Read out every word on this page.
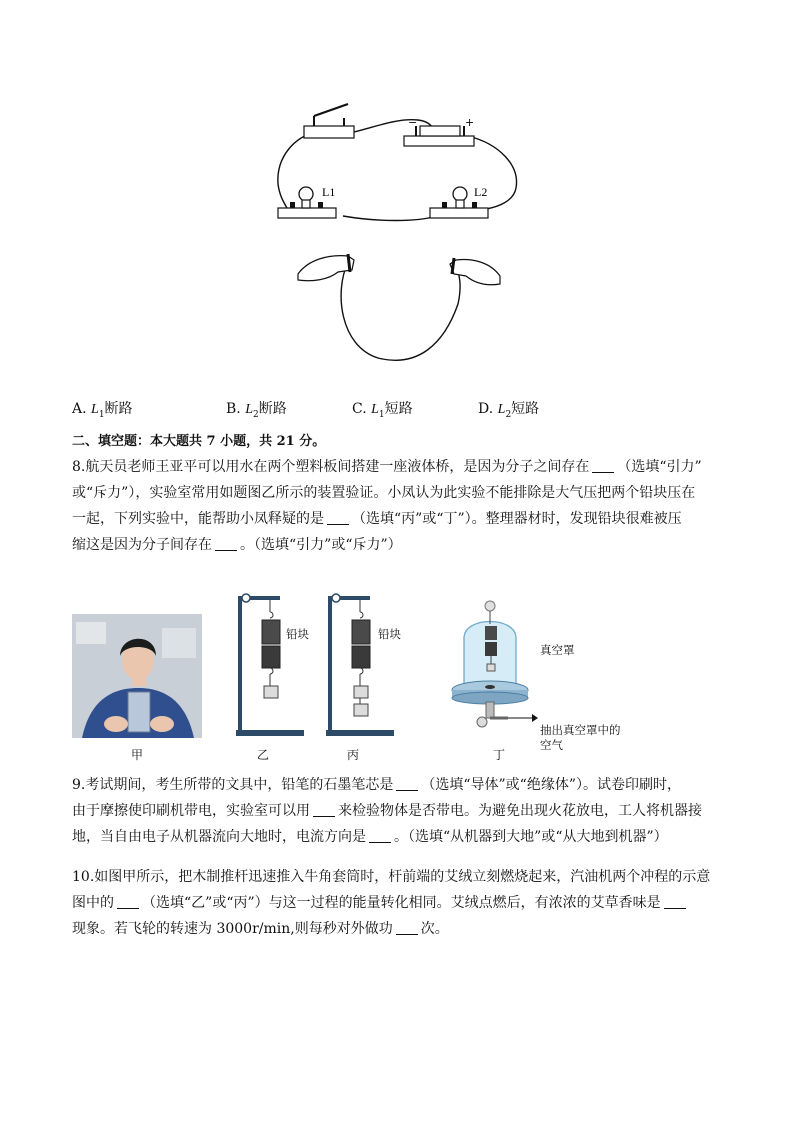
−	+
L1	L2
A. $L_1$断路	B. $L_2$断路	C. $L_1$短路	D. $L_2$短路
二、填空题：本大题共 7 小题，共 21 分。
8.航天员老师王亚平可以用水在两个塑料板间搭建一座液体桥，是因为分子之间存在 （选填“引力”
或“斥力”），实验室常用如题图乙所示的装置验证。小凤认为此实验不能排除是大气压把两个铅块压在
一起，下列实验中，能帮助小凤释疑的是 （选填“丙”或“丁”）。整理器材时，发现铅块很难被压
缩这是因为分子间存在 。（选填“引力”或“斥力”）
甲
铅块
乙
铅块
丙
真空罩
抽出真空罩中的
空气
丁
9.考试期间，考生所带的文具中，铅笔的石墨笔芯是 （选填“导体”或“绝缘体”）。试卷印刷时，
由于摩擦使印刷机带电，实验室可以用 来检验物体是否带电。为避免出现火花放电，工人将机器接
地，当自由电子从机器流向大地时，电流方向是 。（选填“从机器到大地”或“从大地到机器”）
10.如图甲所示，把木制推杆迅速推入牛角套筒时，杆前端的艾绒立刻燃烧起来，汽油机两个冲程的示意
图中的 （选填“乙”或“丙”）与这一过程的能量转化相同。艾绒点燃后，有浓浓的艾草香味是
现象。若飞轮的转速为 3000r/min,则每秒对外做功 次。
